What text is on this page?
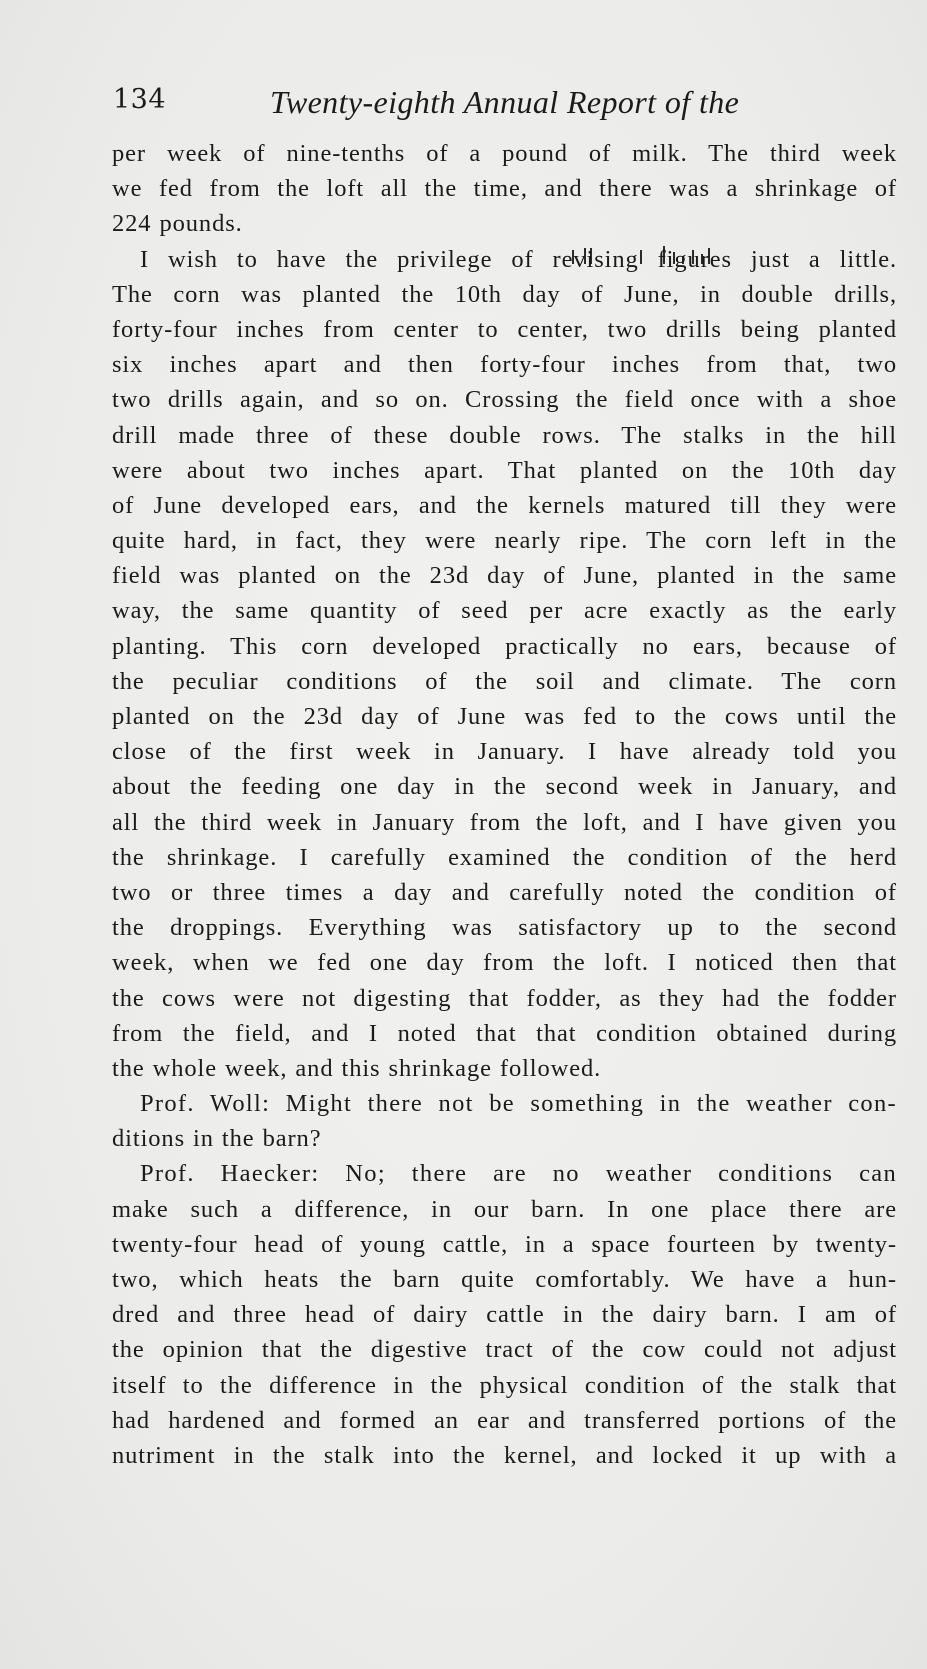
134	Twenty-eighth Annual Report of the
per week of nine-tenths of a pound of milk. The third week
we fed from the loft all the time, and there was a shrinkage of
224 pounds.
I wish to have the privilege of revising figures just a little.
The corn was planted the 10th day of June, in double drills,
forty-four inches from center to center, two drills being planted
six inches apart and then forty-four inches from that, two
two drills again, and so on. Crossing the field once with a shoe
drill made three of these double rows. The stalks in the hill
were about two inches apart. That planted on the 10th day
of June developed ears, and the kernels matured till they were
quite hard, in fact, they were nearly ripe. The corn left in the
field was planted on the 23d day of June, planted in the same
way, the same quantity of seed per acre exactly as the early
planting. This corn developed practically no ears, because of
the peculiar conditions of the soil and climate. The corn
planted on the 23d day of June was fed to the cows until the
close of the first week in January. I have already told you
about the feeding one day in the second week in January, and
all the third week in January from the loft, and I have given you
the shrinkage. I carefully examined the condition of the herd
two or three times a day and carefully noted the condition of
the droppings. Everything was satisfactory up to the second
week, when we fed one day from the loft. I noticed then that
the cows were not digesting that fodder, as they had the fodder
from the field, and I noted that that condition obtained during
the whole week, and this shrinkage followed.
Prof. Woll: Might there not be something in the weather con-
ditions in the barn?
Prof. Haecker: No; there are no weather conditions can
make such a difference, in our barn. In one place there are
twenty-four head of young cattle, in a space fourteen by twenty-
two, which heats the barn quite comfortably. We have a hun-
dred and three head of dairy cattle in the dairy barn. I am of
the opinion that the digestive tract of the cow could not adjust
itself to the difference in the physical condition of the stalk that
had hardened and formed an ear and transferred portions of the
nutriment in the stalk into the kernel, and locked it up with a
